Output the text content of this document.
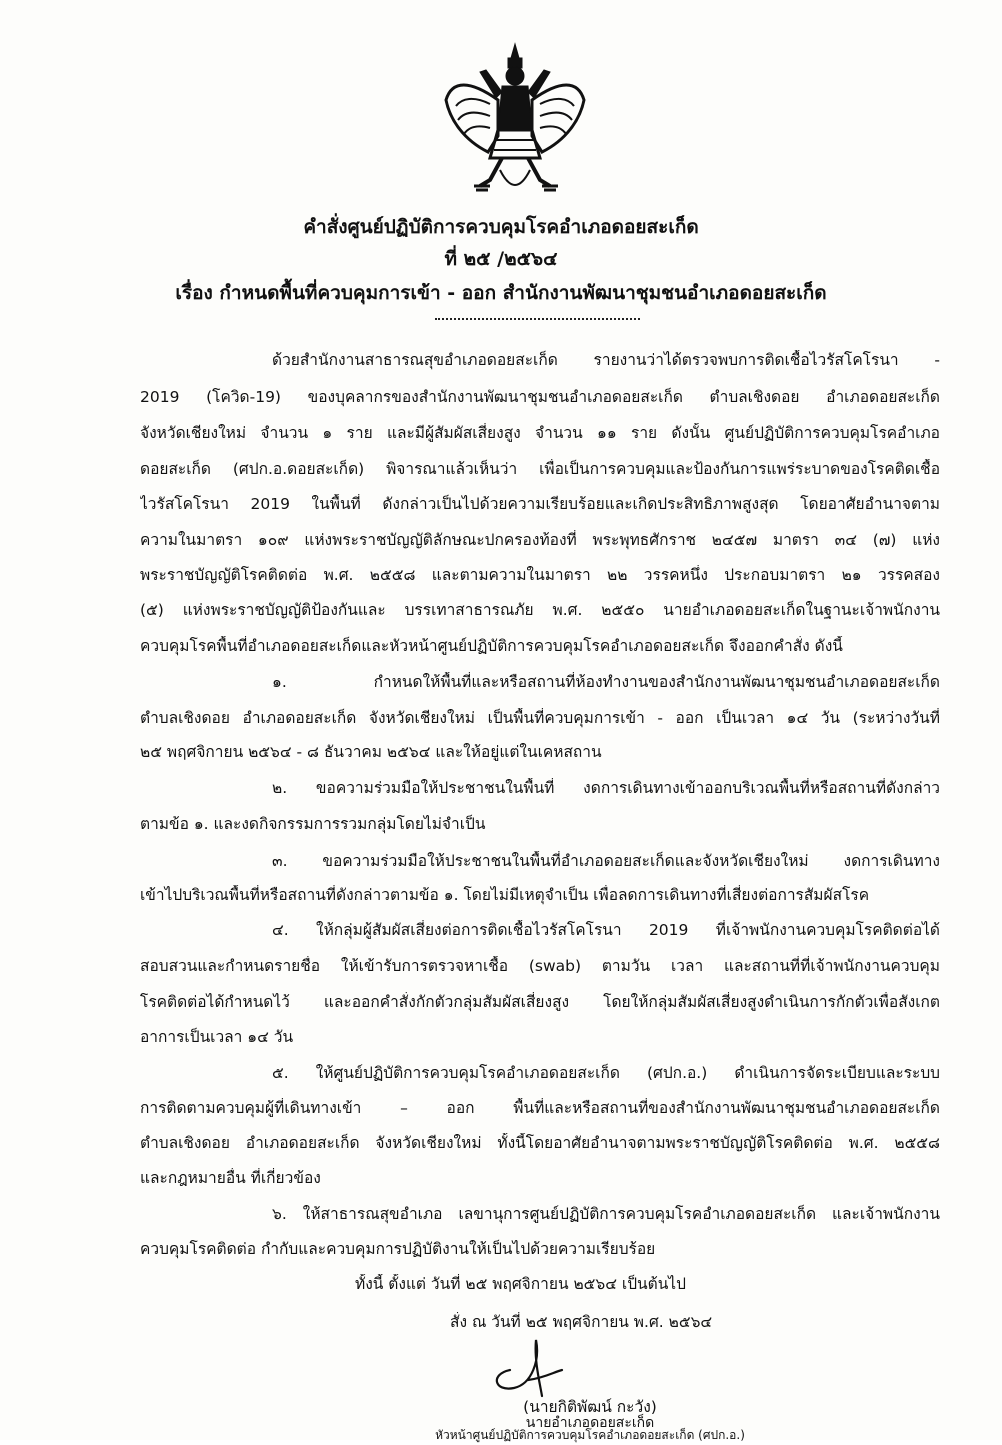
คำสั่งศูนย์ปฏิบัติการควบคุมโรคอำเภอดอยสะเก็ด
ที่ ๒๕ /๒๕๖๔
เรื่อง กำหนดพื้นที่ควบคุมการเข้า - ออก สำนักงานพัฒนาชุมชนอำเภอดอยสะเก็ด
ด้วยสำนักงานสาธารณสุขอำเภอดอยสะเก็ด รายงานว่าได้ตรวจพบการติดเชื้อไวรัสโคโรนา -
2019 (โควิด-19) ของบุคลากรของสำนักงานพัฒนาชุมชนอำเภอดอยสะเก็ด ตำบลเชิงดอย อำเภอดอยสะเก็ด
จังหวัดเชียงใหม่ จำนวน ๑ ราย และมีผู้สัมผัสเสี่ยงสูง จำนวน ๑๑ ราย ดังนั้น ศูนย์ปฏิบัติการควบคุมโรคอำเภอ
ดอยสะเก็ด (ศปก.อ.ดอยสะเก็ด) พิจารณาแล้วเห็นว่า เพื่อเป็นการควบคุมและป้องกันการแพร่ระบาดของโรคติดเชื้อ
ไวรัสโคโรนา 2019 ในพื้นที่ ดังกล่าวเป็นไปด้วยความเรียบร้อยและเกิดประสิทธิภาพสูงสุด โดยอาศัยอำนาจตาม
ความในมาตรา ๑๐๙ แห่งพระราชบัญญัติลักษณะปกครองท้องที่ พระพุทธศักราช ๒๔๕๗ มาตรา ๓๔ (๗) แห่ง
พระราชบัญญัติโรคติดต่อ พ.ศ. ๒๕๕๘ และตามความในมาตรา ๒๒ วรรคหนึ่ง ประกอบมาตรา ๒๑ วรรคสอง
(๕) แห่งพระราชบัญญัติป้องกันและ บรรเทาสาธารณภัย พ.ศ. ๒๕๕๐ นายอำเภอดอยสะเก็ดในฐานะเจ้าพนักงาน
ควบคุมโรคพื้นที่อำเภอดอยสะเก็ดและหัวหน้าศูนย์ปฏิบัติการควบคุมโรคอำเภอดอยสะเก็ด จึงออกคำสั่ง ดังนี้
๑. กำหนดให้พื้นที่และหรือสถานที่ห้องทำงานของสำนักงานพัฒนาชุมชนอำเภอดอยสะเก็ด
ตำบลเชิงดอย อำเภอดอยสะเก็ด จังหวัดเชียงใหม่ เป็นพื้นที่ควบคุมการเข้า - ออก เป็นเวลา ๑๔ วัน (ระหว่างวันที่
๒๕ พฤศจิกายน ๒๕๖๔ - ๘ ธันวาคม ๒๕๖๔ และให้อยู่แต่ในเคหสถาน
๒. ขอความร่วมมือให้ประชาชนในพื้นที่ งดการเดินทางเข้าออกบริเวณพื้นที่หรือสถานที่ดังกล่าว
ตามข้อ ๑. และงดกิจกรรมการรวมกลุ่มโดยไม่จำเป็น
๓. ขอความร่วมมือให้ประชาชนในพื้นที่อำเภอดอยสะเก็ดและจังหวัดเชียงใหม่ งดการเดินทาง
เข้าไปบริเวณพื้นที่หรือสถานที่ดังกล่าวตามข้อ ๑. โดยไม่มีเหตุจำเป็น เพื่อลดการเดินทางที่เสี่ยงต่อการสัมผัสโรค
๔. ให้กลุ่มผู้สัมผัสเสี่ยงต่อการติดเชื้อไวรัสโคโรนา 2019 ที่เจ้าพนักงานควบคุมโรคติดต่อได้
สอบสวนและกำหนดรายชื่อ ให้เข้ารับการตรวจหาเชื้อ (swab) ตามวัน เวลา และสถานที่ที่เจ้าพนักงานควบคุม
โรคติดต่อได้กำหนดไว้ และออกคำสั่งกักตัวกลุ่มสัมผัสเสี่ยงสูง โดยให้กลุ่มสัมผัสเสี่ยงสูงดำเนินการกักตัวเพื่อสังเกต
อาการเป็นเวลา ๑๔ วัน
๕. ให้ศูนย์ปฏิบัติการควบคุมโรคอำเภอดอยสะเก็ด (ศปก.อ.) ดำเนินการจัดระเบียบและระบบ
การติดตามควบคุมผู้ที่เดินทางเข้า – ออก พื้นที่และหรือสถานที่ของสำนักงานพัฒนาชุมชนอำเภอดอยสะเก็ด
ตำบลเชิงดอย อำเภอดอยสะเก็ด จังหวัดเชียงใหม่ ทั้งนี้โดยอาศัยอำนาจตามพระราชบัญญัติโรคติดต่อ พ.ศ. ๒๕๕๘
และกฎหมายอื่น ที่เกี่ยวข้อง
๖. ให้สาธารณสุขอำเภอ เลขานุการศูนย์ปฏิบัติการควบคุมโรคอำเภอดอยสะเก็ด และเจ้าพนักงาน
ควบคุมโรคติดต่อ กำกับและควบคุมการปฏิบัติงานให้เป็นไปด้วยความเรียบร้อย
ทั้งนี้ ตั้งแต่ วันที่ ๒๕ พฤศจิกายน ๒๕๖๔ เป็นต้นไป
สั่ง ณ วันที่ ๒๕ พฤศจิกายน พ.ศ. ๒๕๖๔
(นายกิติพัฒน์ กะวัง)
นายอำเภอดอยสะเก็ด
หัวหน้าศูนย์ปฏิบัติการควบคุมโรคอำเภอดอยสะเก็ด (ศปก.อ.)
